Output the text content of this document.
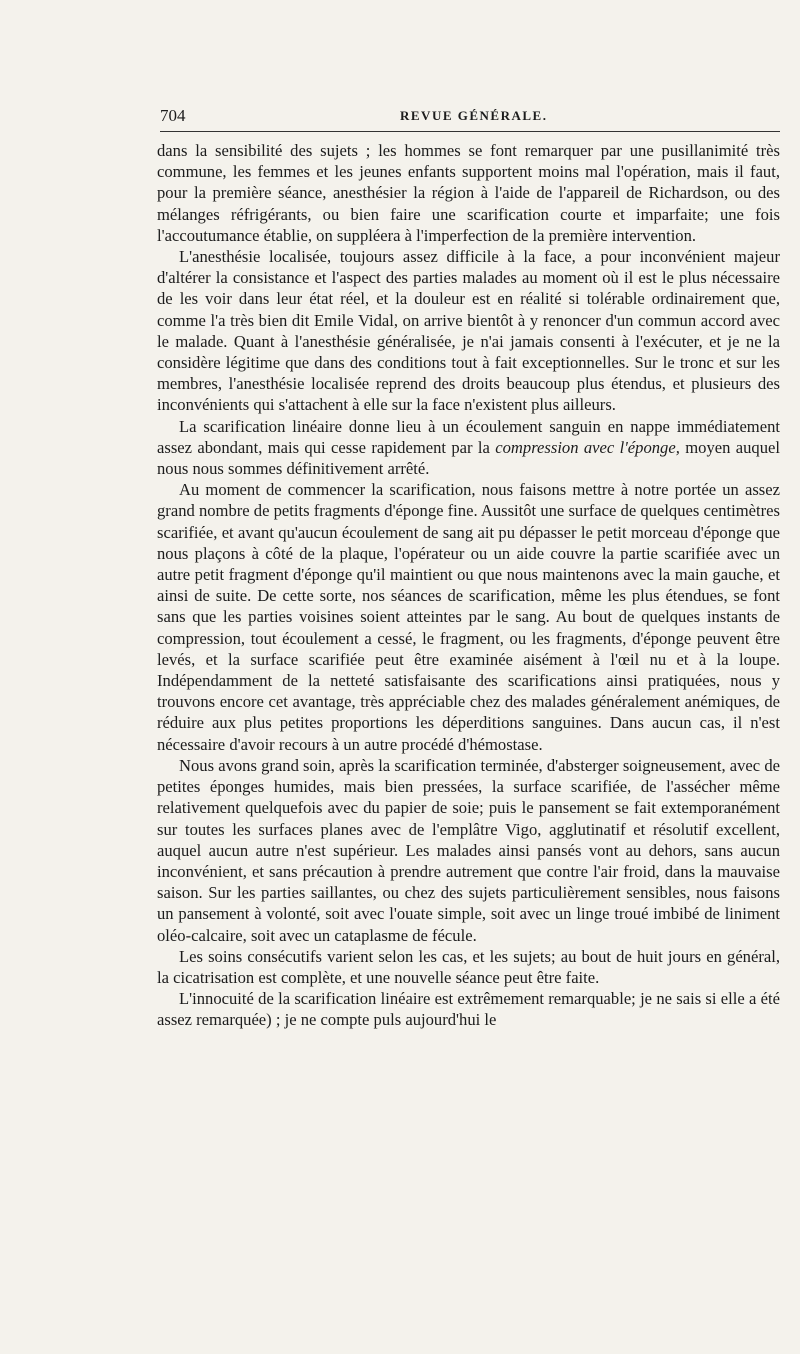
704	REVUE GÉNÉRALE.

dans la sensibilité des sujets ; les hommes se font remarquer par une pusillanimité très commune, les femmes et les jeunes enfants supportent moins mal l'opération, mais il faut, pour la première séance, anesthésier la région à l'aide de l'appareil de Richardson, ou des mélanges réfrigérants, ou bien faire une scarification courte et imparfaite; une fois l'accoutumance établie, on suppléera à l'imperfection de la première intervention.

L'anesthésie localisée, toujours assez difficile à la face, a pour inconvénient majeur d'altérer la consistance et l'aspect des parties malades au moment où il est le plus nécessaire de les voir dans leur état réel, et la douleur est en réalité si tolérable ordinairement que, comme l'a très bien dit Emile Vidal, on arrive bientôt à y renoncer d'un commun accord avec le malade. Quant à l'anesthésie généralisée, je n'ai jamais consenti à l'exécuter, et je ne la considère légitime que dans des conditions tout à fait exceptionnelles. Sur le tronc et sur les membres, l'anesthésie localisée reprend des droits beaucoup plus étendus, et plusieurs des inconvénients qui s'attachent à elle sur la face n'existent plus ailleurs.

La scarification linéaire donne lieu à un écoulement sanguin en nappe immédiatement assez abondant, mais qui cesse rapidement par la compression avec l'éponge, moyen auquel nous nous sommes définitivement arrêté.

Au moment de commencer la scarification, nous faisons mettre à notre portée un assez grand nombre de petits fragments d'éponge fine. Aussitôt une surface de quelques centimètres scarifiée, et avant qu'aucun écoulement de sang ait pu dépasser le petit morceau d'éponge que nous plaçons à côté de la plaque, l'opérateur ou un aide couvre la partie scarifiée avec un autre petit fragment d'éponge qu'il maintient ou que nous maintenons avec la main gauche, et ainsi de suite. De cette sorte, nos séances de scarification, même les plus étendues, se font sans que les parties voisines soient atteintes par le sang. Au bout de quelques instants de compression, tout écoulement a cessé, le fragment, ou les fragments, d'éponge peuvent être levés, et la surface scarifiée peut être examinée aisément à l'œil nu et à la loupe. Indépendamment de la netteté satisfaisante des scarifications ainsi pratiquées, nous y trouvons encore cet avantage, très appréciable chez des malades généralement anémiques, de réduire aux plus petites proportions les déperditions sanguines. Dans aucun cas, il n'est nécessaire d'avoir recours à un autre procédé d'hémostase.

Nous avons grand soin, après la scarification terminée, d'absterger soigneusement, avec de petites éponges humides, mais bien pressées, la surface scarifiée, de l'assécher même relativement quelquefois avec du papier de soie; puis le pansement se fait extemporanément sur toutes les surfaces planes avec de l'emplâtre Vigo, agglutinatif et résolutif excellent, auquel aucun autre n'est supérieur. Les malades ainsi pansés vont au dehors, sans aucun inconvénient, et sans précaution à prendre autrement que contre l'air froid, dans la mauvaise saison. Sur les parties saillantes, ou chez des sujets particulièrement sensibles, nous faisons un pansement à volonté, soit avec l'ouate simple, soit avec un linge troué imbibé de liniment oléo-calcaire, soit avec un cataplasme de fécule.

Les soins consécutifs varient selon les cas, et les sujets; au bout de huit jours en général, la cicatrisation est complète, et une nouvelle séance peut être faite.

L'innocuité de la scarification linéaire est extrêmement remarquable; je ne sais si elle a été assez remarquée) ; je ne compte puls aujourd'hui le
